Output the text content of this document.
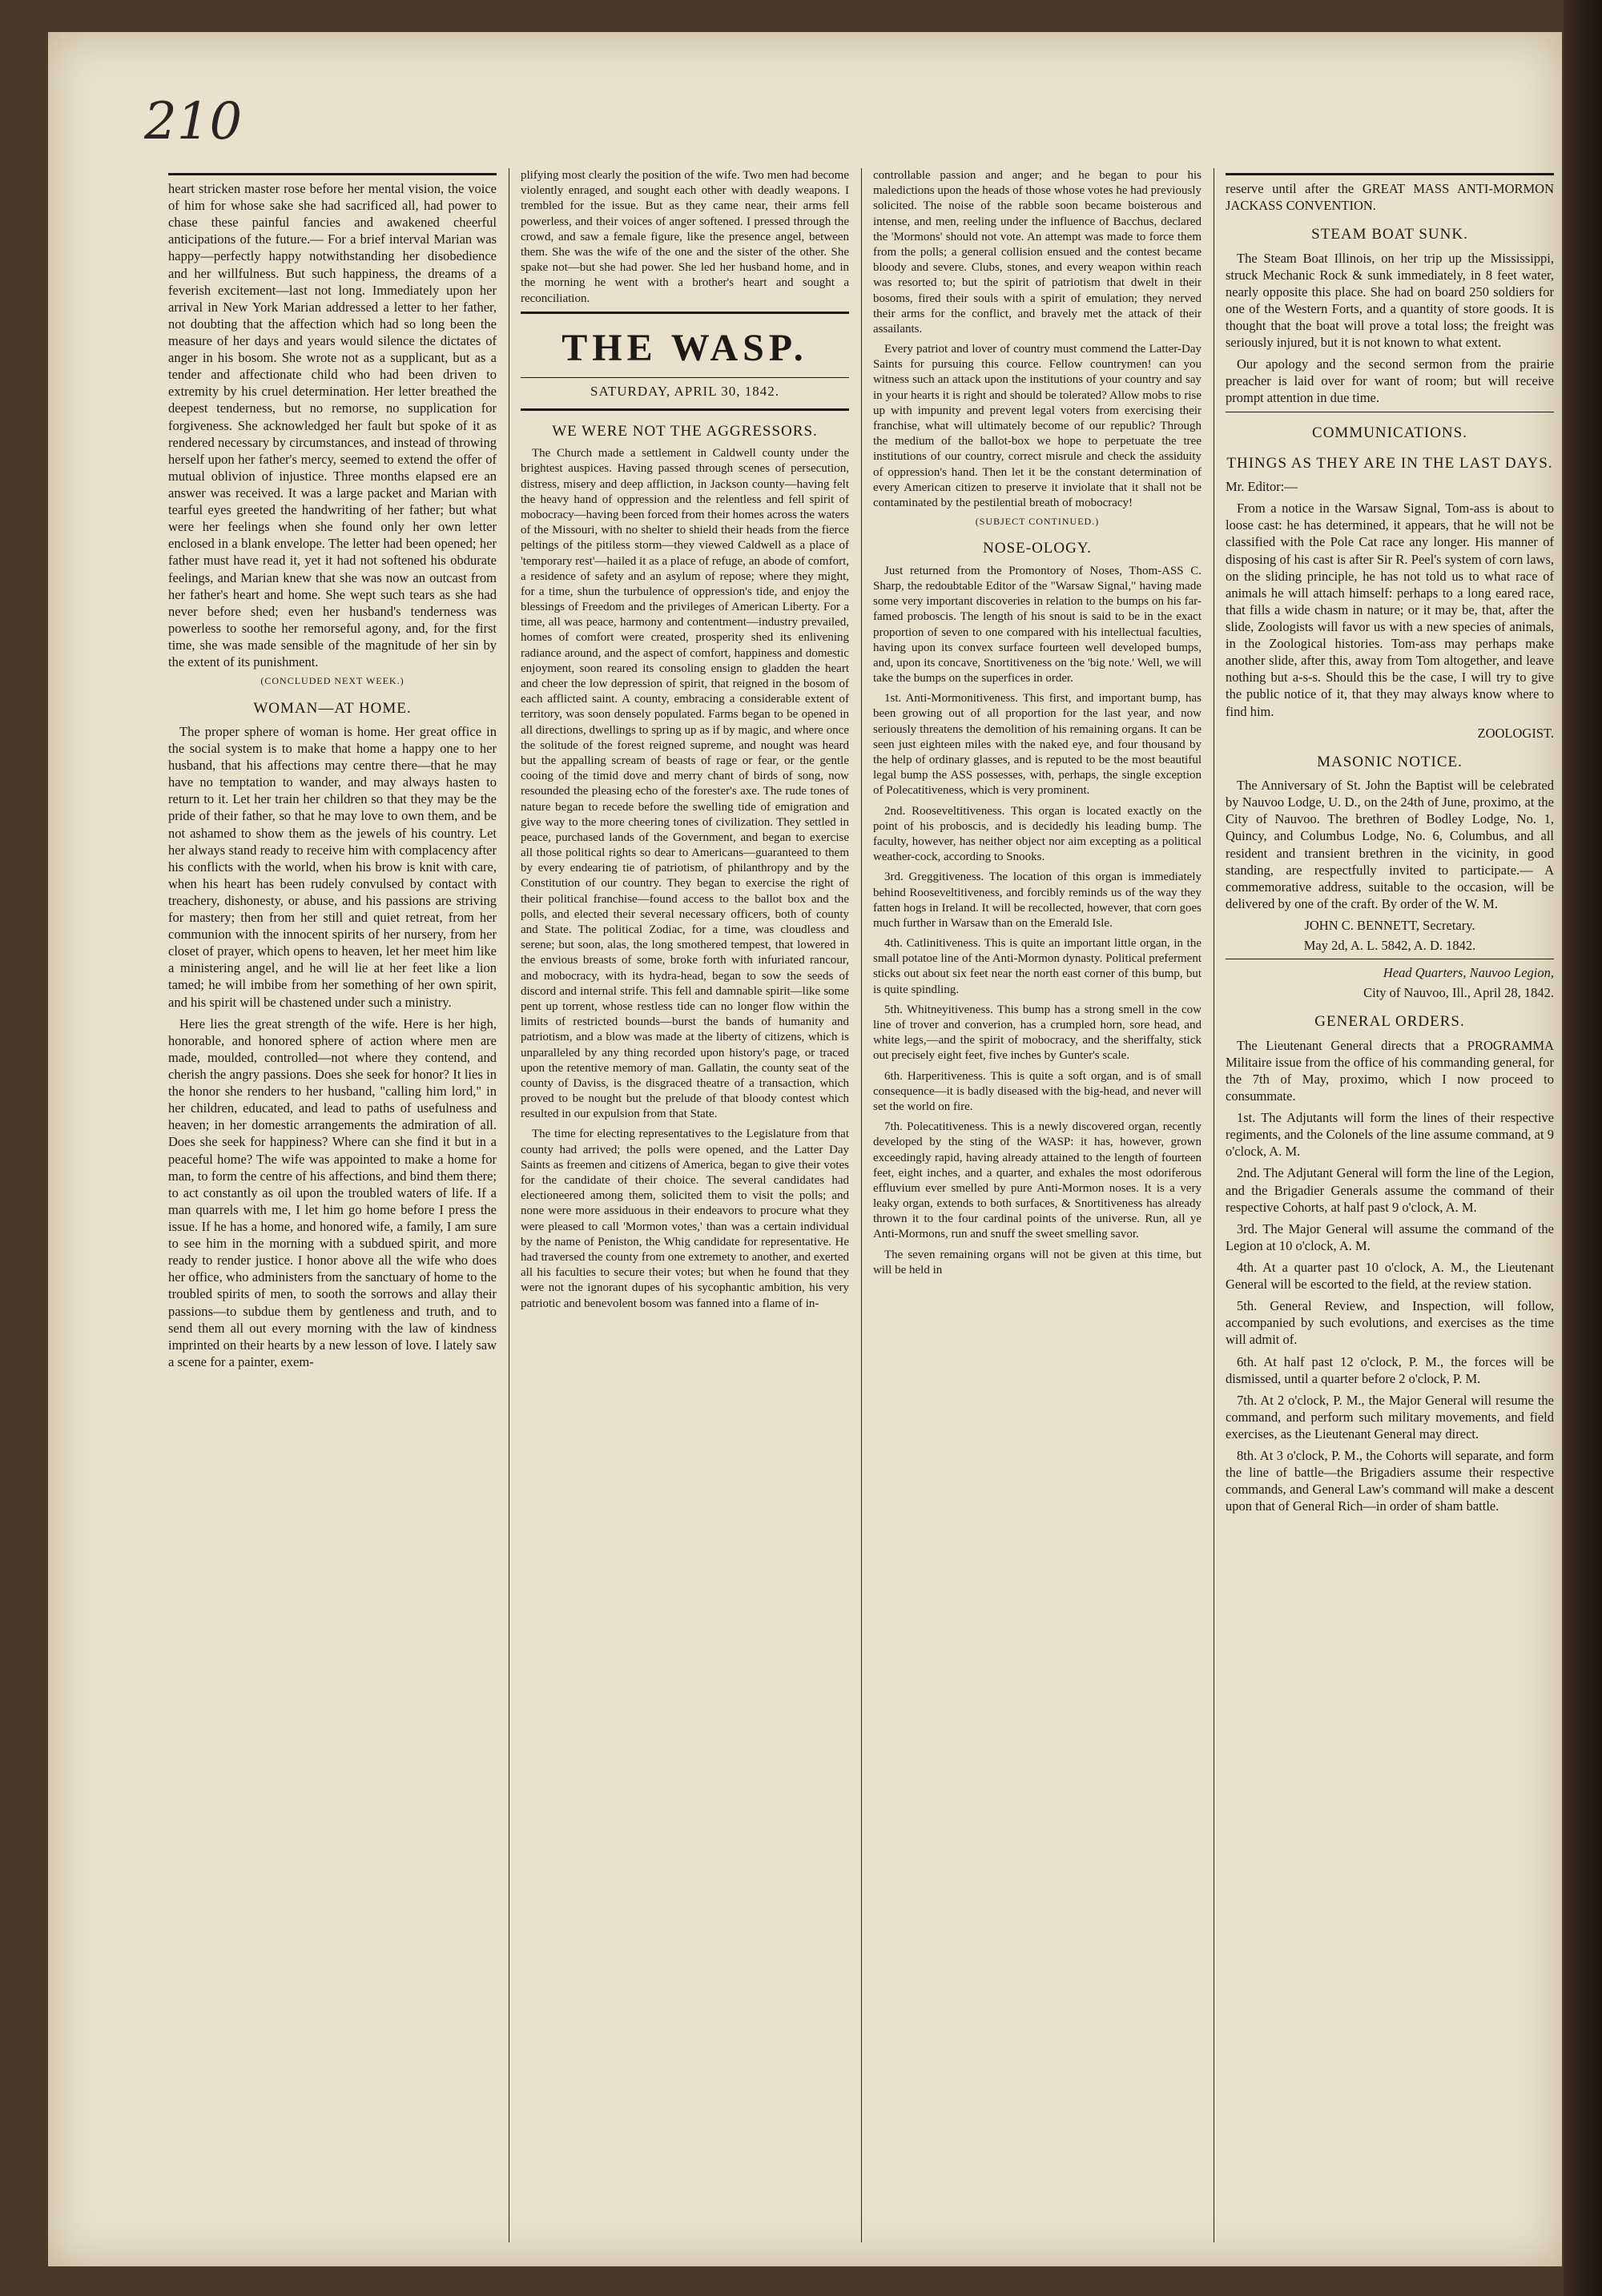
210

heart stricken master rose before her mental vision, the voice of him for whose sake she had sacrificed all, had power to chase these painful fancies and awakened cheerful anticipations of the future.— For a brief interval Marian was happy—perfectly happy notwithstanding her disobedience and her willfulness. But such happiness, the dreams of a feverish excitement—last not long. Immediately upon her arrival in New York Marian addressed a letter to her father, not doubting that the affection which had so long been the measure of her days and years would silence the dictates of anger in his bosom. She wrote not as a supplicant, but as a tender and affectionate child who had been driven to extremity by his cruel determination. Her letter breathed the deepest tenderness, but no remorse, no supplication for forgiveness. She acknowledged her fault but spoke of it as rendered necessary by circumstances, and instead of throwing herself upon her father's mercy, seemed to extend the offer of mutual oblivion of injustice. Three months elapsed ere an answer was received. It was a large packet and Marian with tearful eyes greeted the handwriting of her father; but what were her feelings when she found only her own letter enclosed in a blank envelope. The letter had been opened; her father must have read it, yet it had not softened his obdurate feelings, and Marian knew that she was now an outcast from her father's heart and home. She wept such tears as she had never before shed; even her husband's tenderness was powerless to soothe her remorseful agony, and, for the first time, she was made sensible of the magnitude of her sin by the extent of its punishment.

(CONCLUDED NEXT WEEK.)
WOMAN—AT HOME.

The proper sphere of woman is home. Her great office in the social system is to make that home a happy one to her husband, that his affections may centre there—that he may have no temptation to wander, and may always hasten to return to it. Let her train her children so that they may be the pride of their father, so that he may love to own them, and be not ashamed to show them as the jewels of his country. Let her always stand ready to receive him with complacency after his conflicts with the world, when his brow is knit with care, when his heart has been rudely convulsed by contact with treachery, dishonesty, or abuse, and his passions are striving for mastery; then from her still and quiet retreat, from her communion with the innocent spirits of her nursery, from her closet of prayer, which opens to heaven, let her meet him like a ministering angel, and he will lie at her feet like a lion tamed; he will imbibe from her something of her own spirit, and his spirit will be chastened under such a ministry.

Here lies the great strength of the wife. Here is her high, honorable, and honored sphere of action where men are made, moulded, controlled—not where they contend, and cherish the angry passions. Does she seek for honor? It lies in the honor she renders to her husband, "calling him lord," in her children, educated, and lead to paths of usefulness and heaven; in her domestic arrangements the admiration of all. Does she seek for happiness? Where can she find it but in a peaceful home? The wife was appointed to make a home for man, to form the centre of his affections, and bind them there; to act constantly as oil upon the troubled waters of life. If a man quarrels with me, I let him go home before I press the issue. If he has a home, and honored wife, a family, I am sure to see him in the morning with a subdued spirit, and more ready to render justice. I honor above all the wife who does her office, who administers from the sanctuary of home to the troubled spirits of men, to sooth the sorrows and allay their passions—to subdue them by gentleness and truth, and to send them all out every morning with the law of kindness imprinted on their hearts by a new lesson of love. I lately saw a scene for a painter, exem-

plifying most clearly the position of the wife. Two men had become violently enraged, and sought each other with deadly weapons. I trembled for the issue. But as they came near, their arms fell powerless, and their voices of anger softened. I pressed through the crowd, and saw a female figure, like the presence angel, between them. She was the wife of the one and the sister of the other. She spake not—but she had power. She led her husband home, and in the morning he went with a brother's heart and sought a reconciliation.

THE WASP.
SATURDAY, APRIL 30, 1842.
WE WERE NOT THE AGGRESSORS.

The Church made a settlement in Caldwell county under the brightest auspices. Having passed through scenes of persecution, distress, misery and deep affliction, in Jackson county—having felt the heavy hand of oppression and the relentless and fell spirit of mobocracy—having been forced from their homes across the waters of the Missouri, with no shelter to shield their heads from the fierce peltings of the pitiless storm—they viewed Caldwell as a place of 'temporary rest'—hailed it as a place of refuge, an abode of comfort, a residence of safety and an asylum of repose; where they might, for a time, shun the turbulence of oppression's tide, and enjoy the blessings of Freedom and the privileges of American Liberty. For a time, all was peace, harmony and contentment—industry prevailed, homes of comfort were created, prosperity shed its enlivening radiance around, and the aspect of comfort, happiness and domestic enjoyment, soon reared its consoling ensign to gladden the heart and cheer the low depression of spirit, that reigned in the bosom of each afflicted saint. A county, embracing a considerable extent of territory, was soon densely populated. Farms began to be opened in all directions, dwellings to spring up as if by magic, and where once the solitude of the forest reigned supreme, and nought was heard but the appalling scream of beasts of rage or fear, or the gentle cooing of the timid dove and merry chant of birds of song, now resounded the pleasing echo of the forester's axe. The rude tones of nature began to recede before the swelling tide of emigration and give way to the more cheering tones of civilization. They settled in peace, purchased lands of the Government, and began to exercise all those political rights so dear to Americans—guaranteed to them by every endearing tie of patriotism, of philanthropy and by the Constitution of our country. They began to exercise the right of their political franchise—found access to the ballot box and the polls, and elected their several necessary officers, both of county and State. The political Zodiac, for a time, was cloudless and serene; but soon, alas, the long smothered tempest, that lowered in the envious breasts of some, broke forth with infuriated rancour, and mobocracy, with its hydra-head, began to sow the seeds of discord and internal strife. This fell and damnable spirit—like some pent up torrent, whose restless tide can no longer flow within the limits of restricted bounds—burst the bands of humanity and patriotism, and a blow was made at the liberty of citizens, which is unparalleled by any thing recorded upon history's page, or traced upon the retentive memory of man. Gallatin, the county seat of the county of Daviss, is the disgraced theatre of a transaction, which proved to be nought but the prelude of that bloody contest which resulted in our expulsion from that State.

The time for electing representatives to the Legislature from that county had arrived; the polls were opened, and the Latter Day Saints as freemen and citizens of America, began to give their votes for the candidate of their choice. The several candidates had electioneered among them, solicited them to visit the polls; and none were more assiduous in their endeavors to procure what they were pleased to call 'Mormon votes,' than was a certain individual by the name of Peniston, the Whig candidate for representative. He had traversed the county from one extremety to another, and exerted all his faculties to secure their votes; but when he found that they were not the ignorant dupes of his sycophantic ambition, his very patriotic and benevolent bosom was fanned into a flame of in-

controllable passion and anger; and he began to pour his maledictions upon the heads of those whose votes he had previously solicited. The noise of the rabble soon became boisterous and intense, and men, reeling under the influence of Bacchus, declared the 'Mormons' should not vote. An attempt was made to force them from the polls; a general collision ensued and the contest became bloody and severe. Clubs, stones, and every weapon within reach was resorted to; but the spirit of patriotism that dwelt in their bosoms, fired their souls with a spirit of emulation; they nerved their arms for the conflict, and bravely met the attack of their assailants.

Every patriot and lover of country must commend the Latter-Day Saints for pursuing this cource. Fellow countrymen! can you witness such an attack upon the institutions of your country and say in your hearts it is right and should be tolerated? Allow mobs to rise up with impunity and prevent legal voters from exercising their franchise, what will ultimately become of our republic? Through the medium of the ballot-box we hope to perpetuate the tree institutions of our country, correct misrule and check the assiduity of oppression's hand. Then let it be the constant determination of every American citizen to preserve it inviolate that it shall not be contaminated by the pestilential breath of mobocracy!

(SUBJECT CONTINUED.)
NOSE-OLOGY.

Just returned from the Promontory of Noses, Thom-ASS C. Sharp, the redoubtable Editor of the "Warsaw Signal," having made some very important discoveries in relation to the bumps on his far-famed proboscis. The length of his snout is said to be in the exact proportion of seven to one compared with his intellectual faculties, having upon its convex surface fourteen well developed bumps, and, upon its concave, Snortitiveness on the 'big note.' Well, we will take the bumps on the superfices in order.

1st. Anti-Mormonitiveness. This first, and important bump, has been growing out of all proportion for the last year, and now seriously threatens the demolition of his remaining organs. It can be seen just eighteen miles with the naked eye, and four thousand by the help of ordinary glasses, and is reputed to be the most beautiful legal bump the ASS possesses, with, perhaps, the single exception of Polecatitiveness, which is very prominent.

2nd. Rooseveltitiveness. This organ is located exactly on the point of his proboscis, and is decidedly his leading bump. The faculty, however, has neither object nor aim excepting as a political weather-cock, according to Snooks.

3rd. Greggitiveness. The location of this organ is immediately behind Rooseveltitiveness, and forcibly reminds us of the way they fatten hogs in Ireland. It will be recollected, however, that corn goes much further in Warsaw than on the Emerald Isle.

4th. Catlinitiveness. This is quite an important little organ, in the small potatoe line of the Anti-Mormon dynasty. Political preferment sticks out about six feet near the north east corner of this bump, but is quite spindling.

5th. Whitneyitiveness. This bump has a strong smell in the cow line of trover and converion, has a crumpled horn, sore head, and white legs,—and the spirit of mobocracy, and the sheriffalty, stick out precisely eight feet, five inches by Gunter's scale.

6th. Harperitiveness. This is quite a soft organ, and is of small consequence—it is badly diseased with the big-head, and never will set the world on fire.

7th. Polecatitiveness. This is a newly discovered organ, recently developed by the sting of the WASP: it has, however, grown exceedingly rapid, having already attained to the length of fourteen feet, eight inches, and a quarter, and exhales the most odoriferous effluvium ever smelled by pure Anti-Mormon noses. It is a very leaky organ, extends to both surfaces, & Snortitiveness has already thrown it to the four cardinal points of the universe. Run, all ye Anti-Mormons, run and snuff the sweet smelling savor.

The seven remaining organs will not be given at this time, but will be held in

reserve until after the GREAT MASS ANTI-MORMON JACKASS CONVENTION.

STEAM BOAT SUNK.

The Steam Boat Illinois, on her trip up the Mississippi, struck Mechanic Rock & sunk immediately, in 8 feet water, nearly opposite this place. She had on board 250 soldiers for one of the Western Forts, and a quantity of store goods. It is thought that the boat will prove a total loss; the freight was seriously injured, but it is not known to what extent.

Our apology and the second sermon from the prairie preacher is laid over for want of room; but will receive prompt attention in due time.

COMMUNICATIONS.
THINGS AS THEY ARE IN THE LAST DAYS.

Mr. Editor:—

From a notice in the Warsaw Signal, Tom-ass is about to loose cast: he has determined, it appears, that he will not be classified with the Pole Cat race any longer. His manner of disposing of his cast is after Sir R. Peel's system of corn laws, on the sliding principle, he has not told us to what race of animals he will attach himself: perhaps to a long eared race, that fills a wide chasm in nature; or it may be, that, after the slide, Zoologists will favor us with a new species of animals, in the Zoological histories. Tom-ass may perhaps make another slide, after this, away from Tom altogether, and leave nothing but a-s-s. Should this be the case, I will try to give the public notice of it, that they may always know where to find him.

ZOOLOGIST.
MASONIC NOTICE.

The Anniversary of St. John the Baptist will be celebrated by Nauvoo Lodge, U. D., on the 24th of June, proximo, at the City of Nauvoo. The brethren of Bodley Lodge, No. 1, Quincy, and Columbus Lodge, No. 6, Columbus, and all resident and transient brethren in the vicinity, in good standing, are respectfully invited to participate.— A commemorative address, suitable to the occasion, will be delivered by one of the craft. By order of the W. M.

JOHN C. BENNETT, Secretary.
May 2d, A. L. 5842, A. D. 1842.
Head Quarters, Nauvoo Legion,
City of Nauvoo, Ill., April 28, 1842.
GENERAL ORDERS.

The Lieutenant General directs that a PROGRAMMA Militaire issue from the office of his commanding general, for the 7th of May, proximo, which I now proceed to consummate.

1st. The Adjutants will form the lines of their respective regiments, and the Colonels of the line assume command, at 9 o'clock, A. M.

2nd. The Adjutant General will form the line of the Legion, and the Brigadier Generals assume the command of their respective Cohorts, at half past 9 o'clock, A. M.

3rd. The Major General will assume the command of the Legion at 10 o'clock, A. M.

4th. At a quarter past 10 o'clock, A. M., the Lieutenant General will be escorted to the field, at the review station.

5th. General Review, and Inspection, will follow, accompanied by such evolutions, and exercises as the time will admit of.

6th. At half past 12 o'clock, P. M., the forces will be dismissed, until a quarter before 2 o'clock, P. M.

7th. At 2 o'clock, P. M., the Major General will resume the command, and perform such military movements, and field exercises, as the Lieutenant General may direct.

8th. At 3 o'clock, P. M., the Cohorts will separate, and form the line of battle—the Brigadiers assume their respective commands, and General Law's command will make a descent upon that of General Rich—in order of sham battle.
